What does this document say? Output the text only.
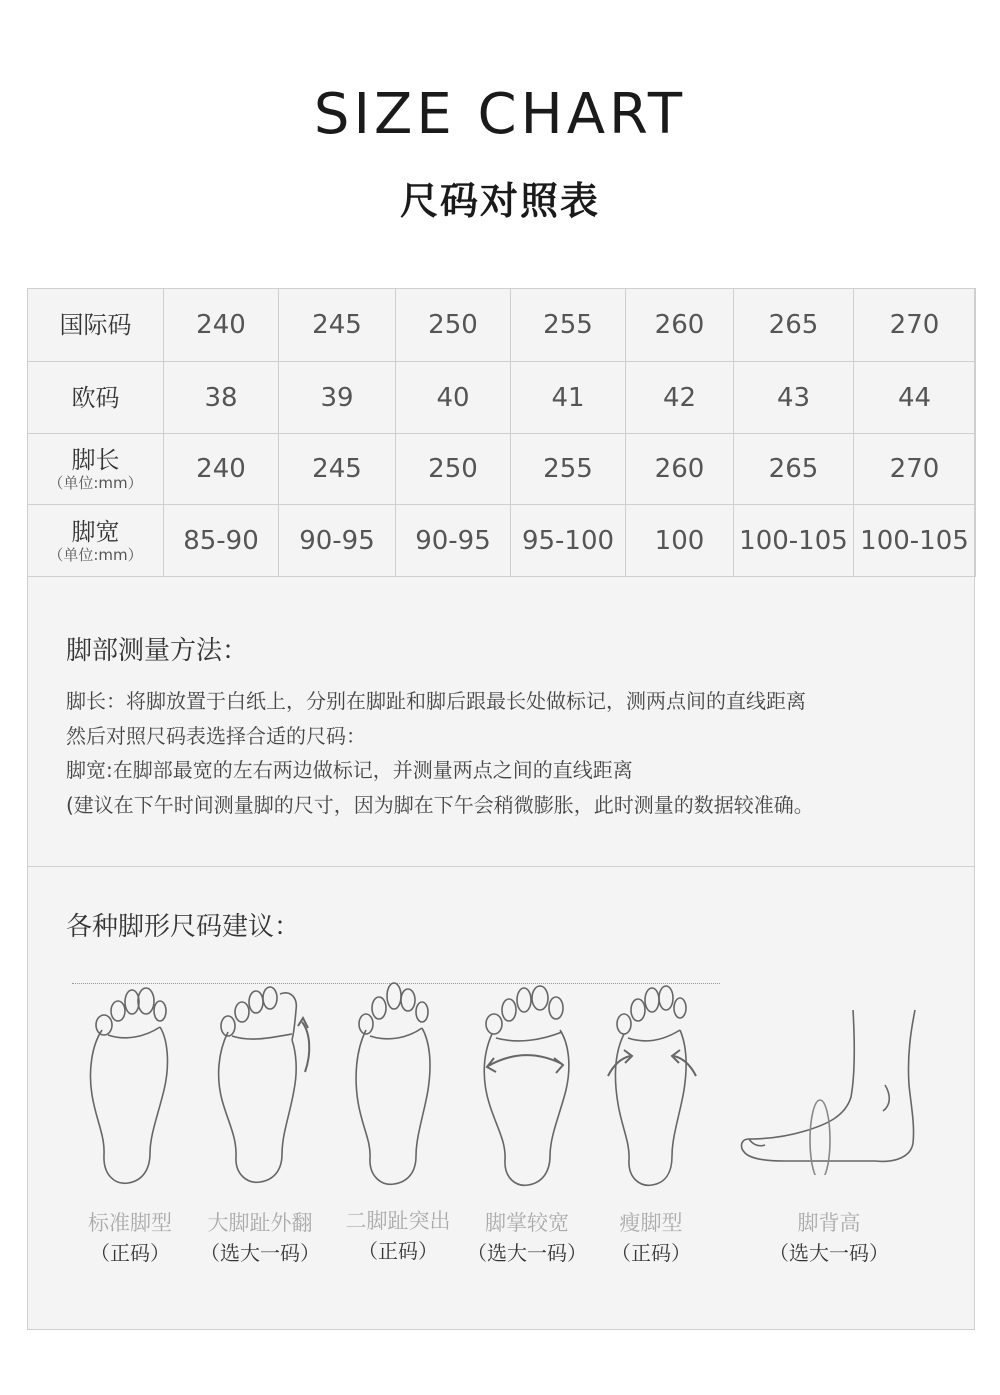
SIZE CHART
尺码对照表
国际码	240	245	250	255	260	265	270

欧码	38	39	40	41	42	43	44

脚长
（单位:mm）	240	245	250	255	260	265	270

脚宽
（单位:mm）	85-90	90-95	90-95	95-100	100	100-105	100-105
脚部测量方法：
脚长：将脚放置于白纸上，分别在脚趾和脚后跟最长处做标记，测两点间的直线距离
然后对照尺码表选择合适的尺码：
脚宽:在脚部最宽的左右两边做标记，并测量两点之间的直线距离
(建议在下午时间测量脚的尺寸，因为脚在下午会稍微膨胀，此时测量的数据较准确。
各种脚形尺码建议：
标准脚型
（正码）
大脚趾外翻
（选大一码）
二脚趾突出
（正码）
脚掌较宽
（选大一码）
瘦脚型
（正码）
脚背高
（选大一码）
